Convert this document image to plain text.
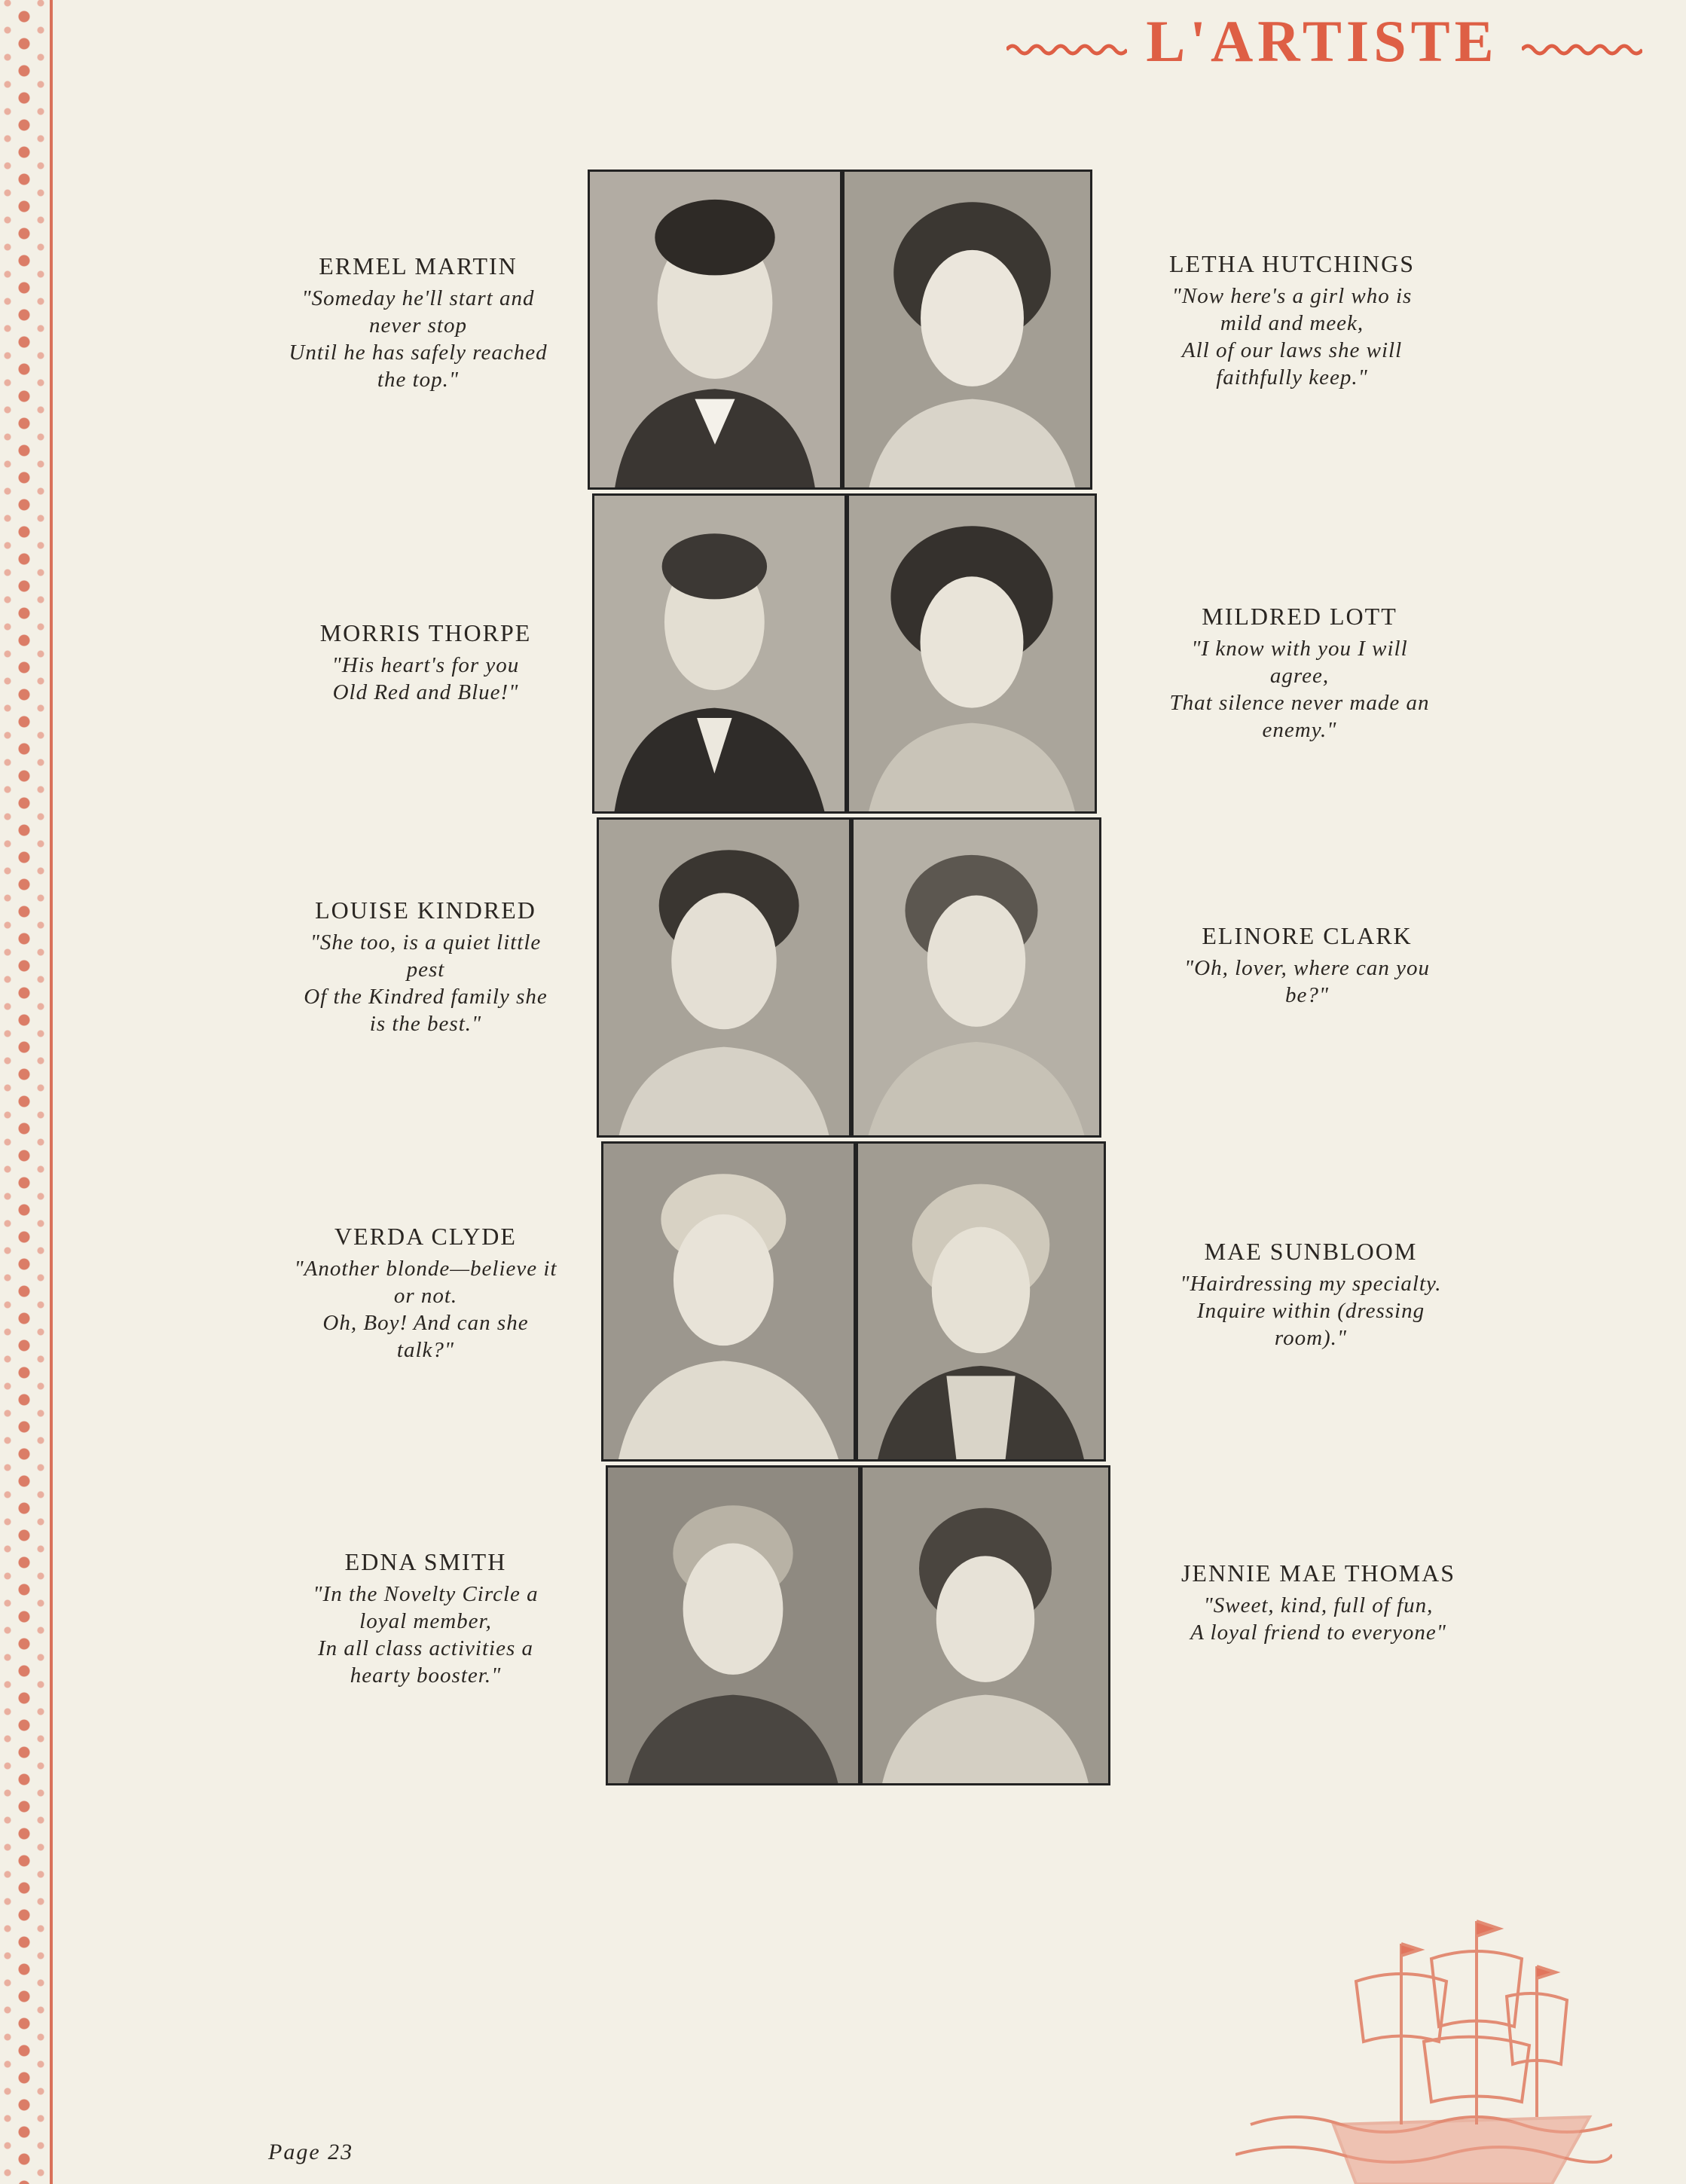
L'ARTISTE
ERMEL MARTIN
"Someday he'll start and
never stop
Until he has safely reached
the top."
MORRIS THORPE
"His heart's for you
Old Red and Blue!"
LOUISE KINDRED
"She too, is a quiet little
pest
Of the Kindred family she
is the best."
VERDA CLYDE
"Another blonde—believe it
or not.
Oh, Boy! And can she
talk?"
EDNA SMITH
"In the Novelty Circle a
loyal member,
In all class activities a
hearty booster."
LETHA HUTCHINGS
"Now here's a girl who is
mild and meek,
All of our laws she will
faithfully keep."
MILDRED LOTT
"I know with you I will
agree,
That silence never made an
enemy."
ELINORE CLARK
"Oh, lover, where can you
be?"
MAE SUNBLOOM
"Hairdressing my specialty.
Inquire within (dressing
room)."
JENNIE MAE THOMAS
"Sweet, kind, full of fun,
A loyal friend to everyone"
Page 23
